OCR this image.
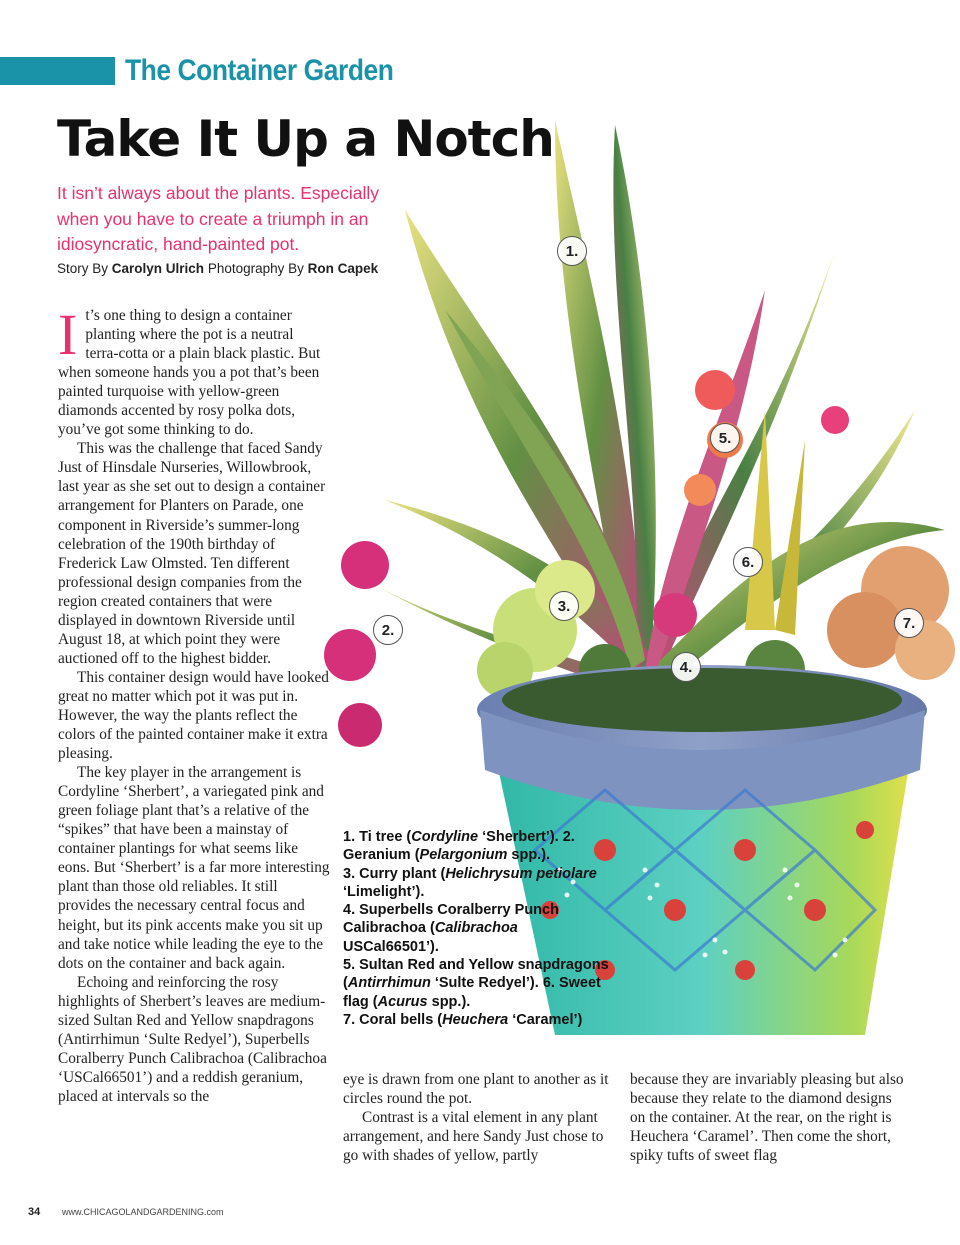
The Container Garden
Take It Up a Notch
It isn’t always about the plants. Especially when you have to create a triumph in an idiosyncratic, hand-painted pot.
Story By Carolyn Ulrich Photography By Ron Capek
1.
2.
3.
4.
5.
6.
7.

It’s one thing to design a container planting where the pot is a neutral terra-cotta or a plain black plastic. But when someone hands you a pot that’s been painted turquoise with yellow-green diamonds accented by rosy polka dots, you’ve got some thinking to do.

This was the challenge that faced Sandy Just of Hinsdale Nurseries, Willowbrook, last year as she set out to design a container arrangement for Planters on Parade, one component in Riverside’s summer-long celebration of the 190th birthday of Frederick Law Olmsted. Ten different professional design companies from the region created containers that were displayed in downtown Riverside until August 18, at which point they were auctioned off to the highest bidder.

This container design would have looked great no matter which pot it was put in. However, the way the plants reflect the colors of the painted container make it extra pleasing.

The key player in the arrangement is Cordyline ‘Sherbert’, a variegated pink and green foliage plant that’s a relative of the “spikes” that have been a mainstay of container plantings for what seems like eons. But ‘Sherbert’ is a far more interesting plant than those old reliables. It still provides the necessary central focus and height, but its pink accents make you sit up and take notice while leading the eye to the dots on the container and back again.

Echoing and reinforcing the rosy highlights of Sherbert’s leaves are medium-sized Sultan Red and Yellow snapdragons (Antirrhimun ‘Sulte Redyel’), Superbells Coralberry Punch Calibrachoa (Calibrachoa ‘USCal66501’) and a reddish geranium, placed at intervals so the

1. Ti tree (Cordyline ‘Sherbert’). 2. Geranium (Pelargonium spp.).
3. Curry plant (Helichrysum petiolare ‘Limelight’).
4. Superbells Coralberry Punch Calibrachoa (Calibrachoa USCal66501’).
5. Sultan Red and Yellow snapdragons (Antirrhimun ‘Sulte Redyel’). 6. Sweet flag (Acurus spp.).
7. Coral bells (Heuchera ‘Caramel’)

eye is drawn from one plant to another as it circles round the pot.

Contrast is a vital element in any plant arrangement, and here Sandy Just chose to go with shades of yellow, partly

because they are invariably pleasing but also because they relate to the diamond designs on the container. At the rear, on the right is Heuchera ‘Caramel’. Then come the short, spiky tufts of sweet flag

34 www.CHICAGOLANDGARDENING.com
